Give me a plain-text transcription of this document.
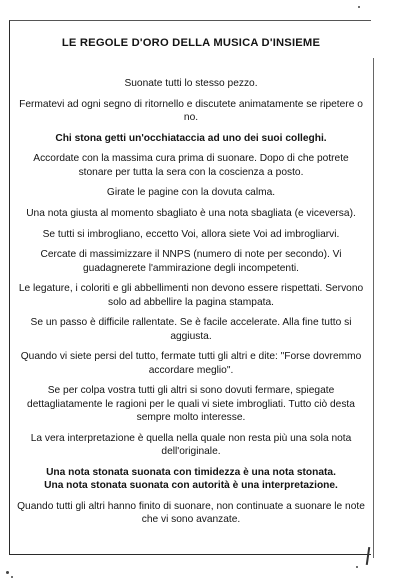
LE REGOLE D'ORO DELLA MUSICA D'INSIEME
Suonate tutti lo stesso pezzo.
Fermatevi ad ogni segno di ritornello e discutete animatamente se ripetere o no.
Chi stona getti un'occhiataccia ad uno dei suoi colleghi.
Accordate con la massima cura prima di suonare. Dopo di che potrete stonare per tutta la sera con la coscienza a posto.
Girate le pagine con la dovuta calma.
Una nota giusta al momento sbagliato è una nota sbagliata (e viceversa).
Se tutti si imbrogliano, eccetto Voi, allora siete Voi ad imbrogliarvi.
Cercate di massimizzare il NNPS (numero di note per secondo). Vi guadagnerete l'ammirazione degli incompetenti.
Le legature, i coloriti e gli abbellimenti non devono essere rispettati. Servono solo ad abbellire la pagina stampata.
Se un passo è difficile rallentate. Se è facile accelerate. Alla fine tutto si aggiusta.
Quando vi siete persi del tutto, fermate tutti gli altri e dite: "Forse dovremmo accordare meglio".
Se per colpa vostra tutti gli altri si sono dovuti fermare, spiegate dettagliatamente le ragioni per le quali vi siete imbrogliati. Tutto ciò desta sempre molto interesse.
La vera interpretazione è quella nella quale non resta più una sola nota dell'originale.
Una nota stonata suonata con timidezza è una nota stonata.
Una nota stonata suonata con autorità è una interpretazione.
Quando tutti gli altri hanno finito di suonare, non continuate a suonare le note che vi sono avanzate.
